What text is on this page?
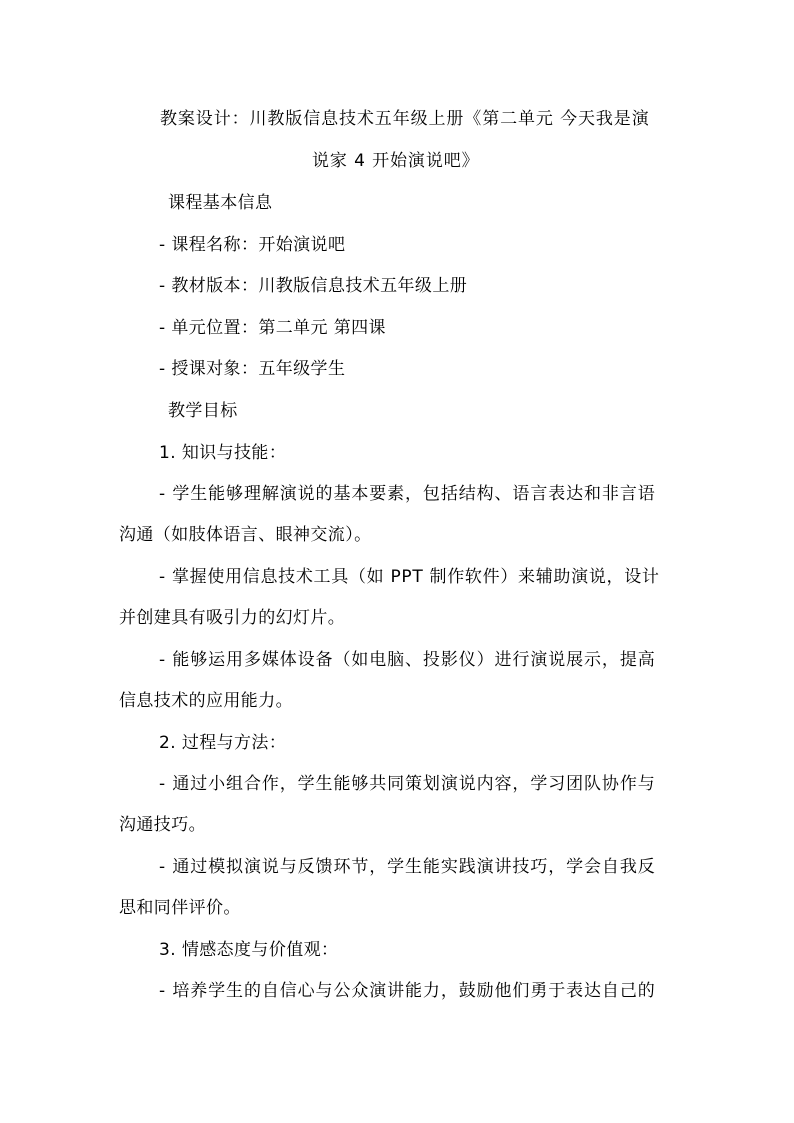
教案设计：川教版信息技术五年级上册《第二单元 今天我是演
说家 4 开始演说吧》
课程基本信息
- 课程名称：开始演说吧
- 教材版本：川教版信息技术五年级上册
- 单元位置：第二单元 第四课
- 授课对象：五年级学生
教学目标
1. 知识与技能：
- 学生能够理解演说的基本要素，包括结构、语言表达和非言语
沟通（如肢体语言、眼神交流）。
- 掌握使用信息技术工具（如 PPT 制作软件）来辅助演说，设计
并创建具有吸引力的幻灯片。
- 能够运用多媒体设备（如电脑、投影仪）进行演说展示，提高
信息技术的应用能力。
2. 过程与方法：
- 通过小组合作，学生能够共同策划演说内容，学习团队协作与
沟通技巧。
- 通过模拟演说与反馈环节，学生能实践演讲技巧，学会自我反
思和同伴评价。
3. 情感态度与价值观：
- 培养学生的自信心与公众演讲能力，鼓励他们勇于表达自己的
